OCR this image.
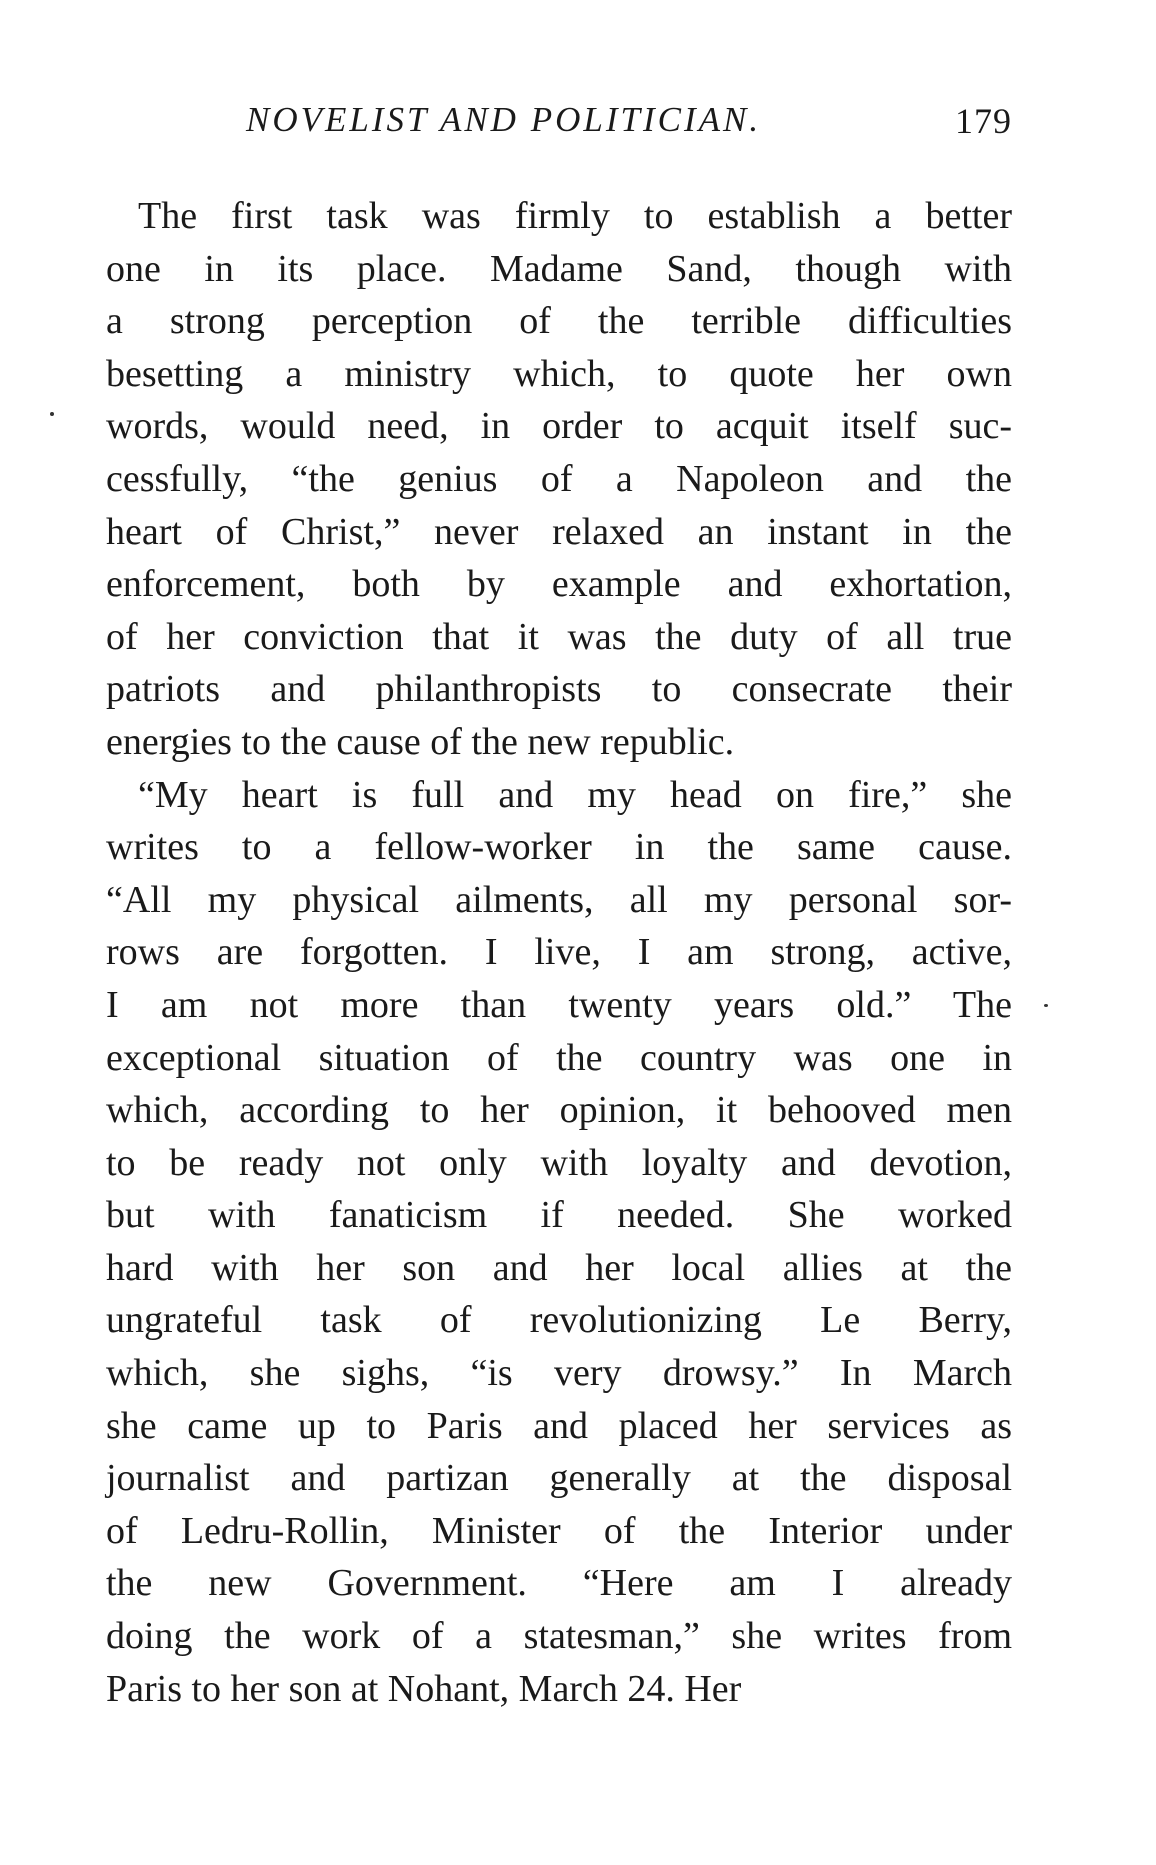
NOVELIST AND POLITICIAN.	179
The first task was firmly to establish a better
one in its place. Madame Sand, though with
a strong perception of the terrible difficulties
besetting a ministry which, to quote her own
words, would need, in order to acquit itself suc-
cessfully, “the genius of a Napoleon and the
heart of Christ,” never relaxed an instant in the
enforcement, both by example and exhortation,
of her conviction that it was the duty of all true
patriots and philanthropists to consecrate their
energies to the cause of the new republic.
“My heart is full and my head on fire,” she
writes to a fellow-worker in the same cause.
“All my physical ailments, all my personal sor-
rows are forgotten. I live, I am strong, active,
I am not more than twenty years old.” The
exceptional situation of the country was one in
which, according to her opinion, it behooved men
to be ready not only with loyalty and devotion,
but with fanaticism if needed. She worked
hard with her son and her local allies at the
ungrateful task of revolutionizing Le Berry,
which, she sighs, “is very drowsy.” In March
she came up to Paris and placed her services as
journalist and partizan generally at the disposal
of Ledru-Rollin, Minister of the Interior under
the new Government. “Here am I already
doing the work of a statesman,” she writes from
Paris to her son at Nohant, March 24. Her
